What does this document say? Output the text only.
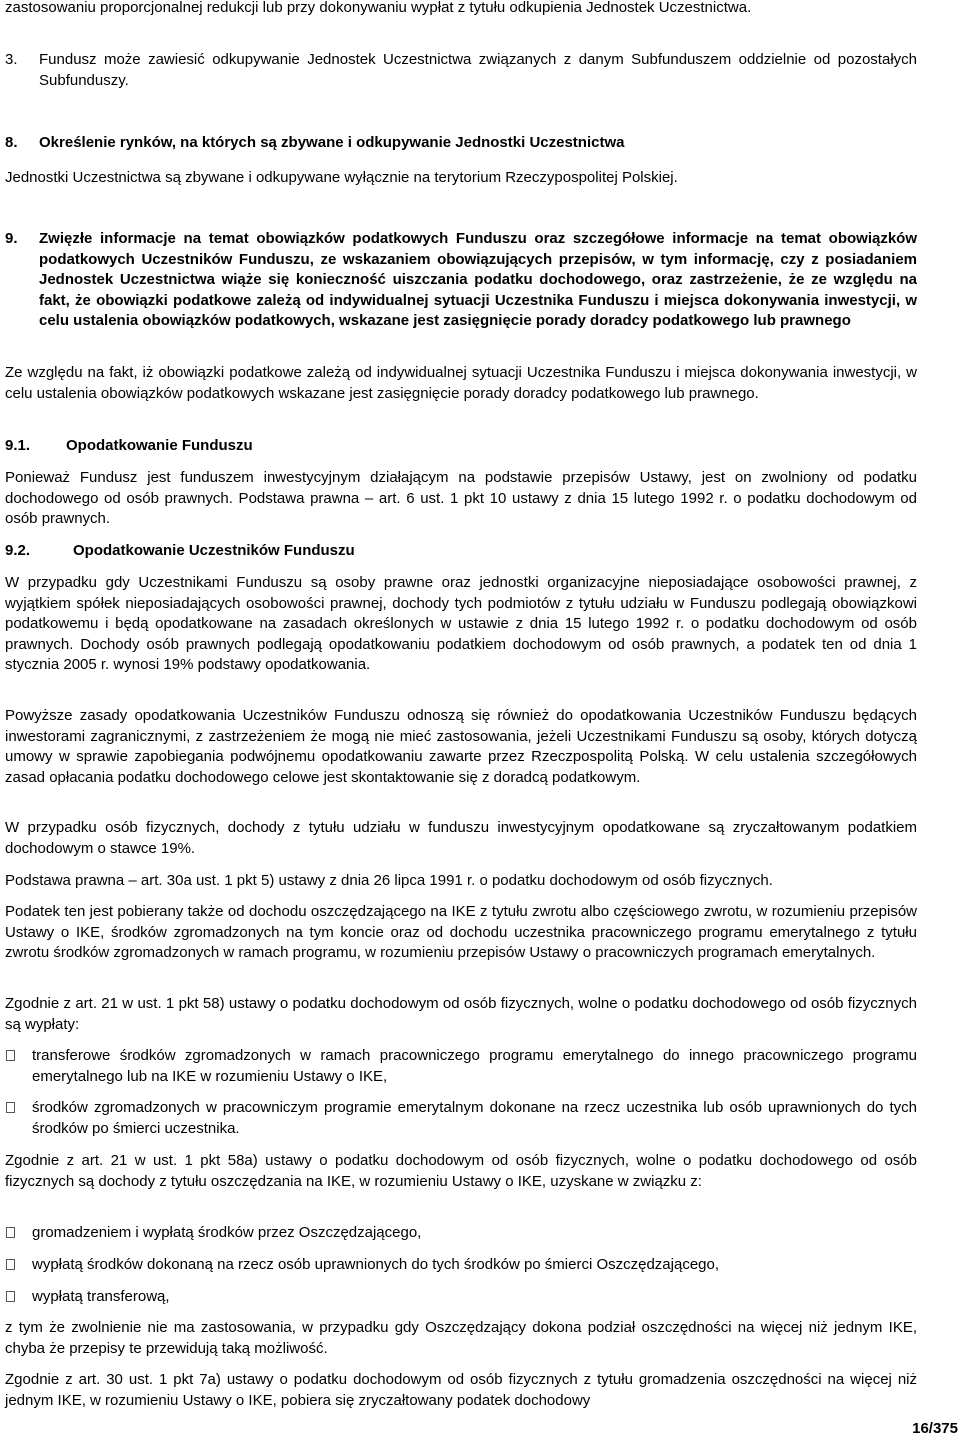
zastosowaniu proporcjonalnej redukcji lub przy dokonywaniu wypłat z tytułu odkupienia Jednostek Uczestnictwa.

3. Fundusz może zawiesić odkupywanie Jednostek Uczestnictwa związanych z danym Subfunduszem oddzielnie od pozostałych Subfunduszy.

8. Określenie rynków, na których są zbywane i odkupywanie Jednostki Uczestnictwa

Jednostki Uczestnictwa są zbywane i odkupywane wyłącznie na terytorium Rzeczypospolitej Polskiej.

9. Zwięzłe informacje na temat obowiązków podatkowych Funduszu oraz szczegółowe informacje na temat obowiązków podatkowych Uczestników Funduszu, ze wskazaniem obowiązujących przepisów, w tym informację, czy z posiadaniem Jednostek Uczestnictwa wiąże się konieczność uiszczania podatku dochodowego, oraz zastrzeżenie, że ze względu na fakt, że obowiązki podatkowe zależą od indywidualnej sytuacji Uczestnika Funduszu i miejsca dokonywania inwestycji, w celu ustalenia obowiązków podatkowych, wskazane jest zasięgnięcie porady doradcy podatkowego lub prawnego

Ze względu na fakt, iż obowiązki podatkowe zależą od indywidualnej sytuacji Uczestnika Funduszu i miejsca dokonywania inwestycji, w celu ustalenia obowiązków podatkowych wskazane jest zasięgnięcie porady doradcy podatkowego lub prawnego.

9.1. Opodatkowanie Funduszu

Ponieważ Fundusz jest funduszem inwestycyjnym działającym na podstawie przepisów Ustawy, jest on zwolniony od podatku dochodowego od osób prawnych. Podstawa prawna – art. 6 ust. 1 pkt 10 ustawy z dnia 15 lutego 1992 r. o podatku dochodowym od osób prawnych.

9.2.	Opodatkowanie Uczestników Funduszu

W przypadku gdy Uczestnikami Funduszu są osoby prawne oraz jednostki organizacyjne nieposiadające osobowości prawnej, z wyjątkiem spółek nieposiadających osobowości prawnej, dochody tych podmiotów z tytułu udziału w Funduszu podlegają obowiązkowi podatkowemu i będą opodatkowane na zasadach określonych w ustawie z dnia 15 lutego 1992 r. o podatku dochodowym od osób prawnych. Dochody osób prawnych podlegają opodatkowaniu podatkiem dochodowym od osób prawnych, a podatek ten od dnia 1 stycznia 2005 r. wynosi 19% podstawy opodatkowania.

Powyższe zasady opodatkowania Uczestników Funduszu odnoszą się również do opodatkowania Uczestników Funduszu będących inwestorami zagranicznymi, z zastrzeżeniem że mogą nie mieć zastosowania, jeżeli Uczestnikami Funduszu są osoby, których dotyczą umowy w sprawie zapobiegania podwójnemu opodatkowaniu zawarte przez Rzeczpospolitą Polską. W celu ustalenia szczegółowych zasad opłacania podatku dochodowego celowe jest skontaktowanie się z doradcą podatkowym.

W przypadku osób fizycznych, dochody z tytułu udziału w funduszu inwestycyjnym opodatkowane są zryczałtowanym podatkiem dochodowym o stawce 19%.

Podstawa prawna – art. 30a ust. 1 pkt 5) ustawy z dnia 26 lipca 1991 r. o podatku dochodowym od osób fizycznych.

Podatek ten jest pobierany także od dochodu oszczędzającego na IKE z tytułu zwrotu albo częściowego zwrotu, w rozumieniu przepisów Ustawy o IKE, środków zgromadzonych na tym koncie oraz od dochodu uczestnika pracowniczego programu emerytalnego z tytułu zwrotu środków zgromadzonych w ramach programu, w rozumieniu przepisów Ustawy o pracowniczych programach emerytalnych.

Zgodnie z art. 21 w ust. 1 pkt 58) ustawy o podatku dochodowym od osób fizycznych, wolne o podatku dochodowego od osób fizycznych są wypłaty:

transferowe środków zgromadzonych w ramach pracowniczego programu emerytalnego do innego pracowniczego programu emerytalnego lub na IKE w rozumieniu Ustawy o IKE,

środków zgromadzonych w pracowniczym programie emerytalnym dokonane na rzecz uczestnika lub osób uprawnionych do tych środków po śmierci uczestnika.

Zgodnie z art. 21 w ust. 1 pkt 58a) ustawy o podatku dochodowym od osób fizycznych, wolne o podatku dochodowego od osób fizycznych są dochody z tytułu oszczędzania na IKE, w rozumieniu Ustawy o IKE, uzyskane w związku z:

gromadzeniem i wypłatą środków przez Oszczędzającego,

wypłatą środków dokonaną na rzecz osób uprawnionych do tych środków po śmierci Oszczędzającego,

wypłatą transferową,

z tym że zwolnienie nie ma zastosowania, w przypadku gdy Oszczędzający dokona podział oszczędności na więcej niż jednym IKE, chyba że przepisy te przewidują taką możliwość.

Zgodnie z art. 30 ust. 1 pkt 7a) ustawy o podatku dochodowym od osób fizycznych z tytułu gromadzenia oszczędności na więcej niż jednym IKE, w rozumieniu Ustawy o IKE, pobiera się zryczałtowany podatek dochodowy

16/375
